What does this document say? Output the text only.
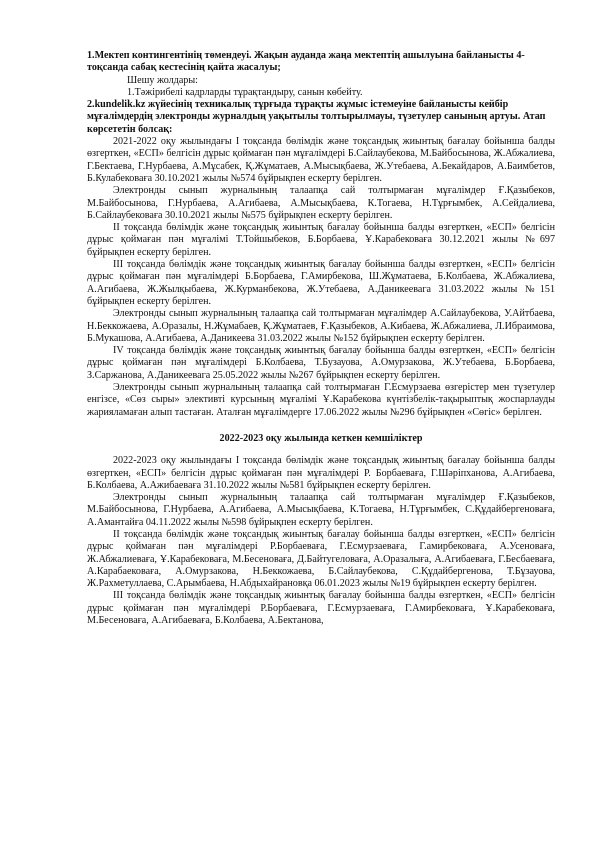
1.Мектеп контингентінің төмендеуі. Жақын ауданда жаңа мектептің ашылуына байланысты 4-тоқсанда сабақ кестесінің қайта жасалуы;

Шешу жолдары:

1.Тәжірибелі кадрларды тұрақтандыру, санын көбейту.

2.kundelik.kz жүйесінің техникалық тұрғыда тұрақты жұмыс істемеуіне байланысты кейбір мұғалімдердің электронды журналдың уақытылы толтырылмауы, түзетулер санының артуы. Атап көрсететін болсақ:

2021-2022 оқу жылындағы І тоқсанда бөлімдік және тоқсандық жиынтық бағалау бойынша балды өзгерткен, «ЕСП» белгісін дұрыс қоймаған пән мұғалімдері Б.Сайлаубекова, М.Байбосынова, Ж.Абжалиева, Г.Бектаева, Г.Нурбаева, А.Мұсабек, Қ.Жұматаев, А.Мысықбаева, Ж.Утебаева, А.Бекайдаров, А.Баимбетов, Б.Кулабековаға 30.10.2021 жылы №574 бұйрықпен ескерту берілген.

Электронды сынып журналының талаапқа сай толтырмаған мұғалімдер Ғ.Қазыбеков, М.Байбосынова, Г.Нурбаева, А.Агибаева, А.Мысықбаева, К.Тогаева, Н.Тұрғымбек, А.Сейдалиева, Б.Сайлаубековаға 30.10.2021 жылы №575 бұйрықпен ескерту берілген.

ІІ тоқсанда бөлімдік және тоқсандық жиынтық бағалау бойынша балды өзгерткен, «ЕСП» белгісін дұрыс қоймаған пән мұғалімі Т.Тойшыбеков, Б.Борбаева, Ұ.Карабековаға 30.12.2021 жылы №697 бұйрықпен ескерту берілген.

ІІІ тоқсанда бөлімдік және тоқсандық жиынтық бағалау бойынша балды өзгерткен, «ЕСП» белгісін дұрыс қоймаған пән мұғалімдері Б.Борбаева, Г.Амирбекова, Ш.Жұматаева, Б.Колбаева, Ж.Абжалиева, А.Агибаева, Ж.Жылқыбаева, Ж.Курманбекова, Ж.Утебаева, А.Даникеевага 31.03.2022 жылы №151 бұйрықпен ескерту берілген.

Электронды сынып журналының талаапқа сай толтырмаған мұғалімдер А.Сайлаубекова, У.Айтбаева, Н.Беккожаева, А.Оразалы, Н.Жұмабаев, Қ.Жұматаев, Ғ.Қазыбеков, А.Кибаева, Ж.Абжалиева, Л.Ибраимова, Б.Мукашова, А.Агибаева, А.Даникеева 31.03.2022 жылы №152 бұйрықпен ескерту берілген.

ІV тоқсанда бөлімдік және тоқсандық жиынтық бағалау бойынша балды өзгерткен, «ЕСП» белгісін дұрыс қоймаған пән мұғалімдері Б.Колбаева, Т.Бузауова, А.Омурзакова, Ж.Утебаева, Б.Борбаева, З.Саржанова, А.Даникеевага 25.05.2022 жылы №267 бұйрықпен ескерту берілген.

Электронды сынып журналының талаапқа сай толтырмаған Г.Есмурзаева өзгерістер мен түзетулер енгізсе, «Сөз сыры» элективті курсының мұғалімі Ұ.Карабекова күнтізбелік-тақырыптық жоспарлауды жарияламаған алып тастаған. Аталған мұғалімдерге 17.06.2022 жылы №296 бұйрықпен «Сөгіс» берілген.

2022-2023 оқу жылында кеткен кемшіліктер

2022-2023 оқу жылындағы І тоқсанда бөлімдік және тоқсандық жиынтық бағалау бойынша балды өзгерткен, «ЕСП» белгісін дұрыс қоймаған пән мұғалімдері Р. Борбаеваға, Г.Шәріпханова, А.Агибаева, Б.Колбаева, А.Ажибаеваға 31.10.2022 жылы №581 бұйрықпен ескерту берілген.

Электронды сынып журналының талаапқа сай толтырмаған мұғалімдер Ғ.Қазыбеков, М.Байбосынова, Г.Нурбаева, А.Агибаева, А.Мысықбаева, К.Тогаева, Н.Тұрғымбек, С.Құдайбергеноваға, А.Амантайға 04.11.2022 жылы №598 бұйрықпен ескерту берілген.

ІІ тоқсанда бөлімдік және тоқсандық жиынтық бағалау бойынша балды өзгерткен, «ЕСП» белгісін дұрыс қоймаған пән мұғалімдері Р.Борбаеваға, Г.Есмурзаеваға, Г.амирбековаға, А.Усеноваға, Ж.Абжалиеваға, Ұ.Карабековаға, М.Бесеноваға, Д.Байтугеловаға, А.Оразалыға, А.Агибаеваға, Г.Бесбаеваға, А.Карабаековаға, А.Омурзакова, Н.Беккожаева, Б.Сайлаубекова, С.Құдайбергенова, Т.Бұзауова, Ж.Рахметуллаева, С.Арымбаева, Н.Абдыхайрановқа 06.01.2023 жылы №19 бұйрықпен ескерту берілген.

ІІІ тоқсанда бөлімдік және тоқсандық жиынтық бағалау бойынша балды өзгерткен, «ЕСП» белгісін дұрыс қоймаған пән мұғалімдері Р.Борбаеваға, Г.Есмурзаеваға, Г.Амирбековаға, Ұ.Карабековаға, М.Бесеноваға, А.Агибаеваға, Б.Колбаева, А.Бектанова,
